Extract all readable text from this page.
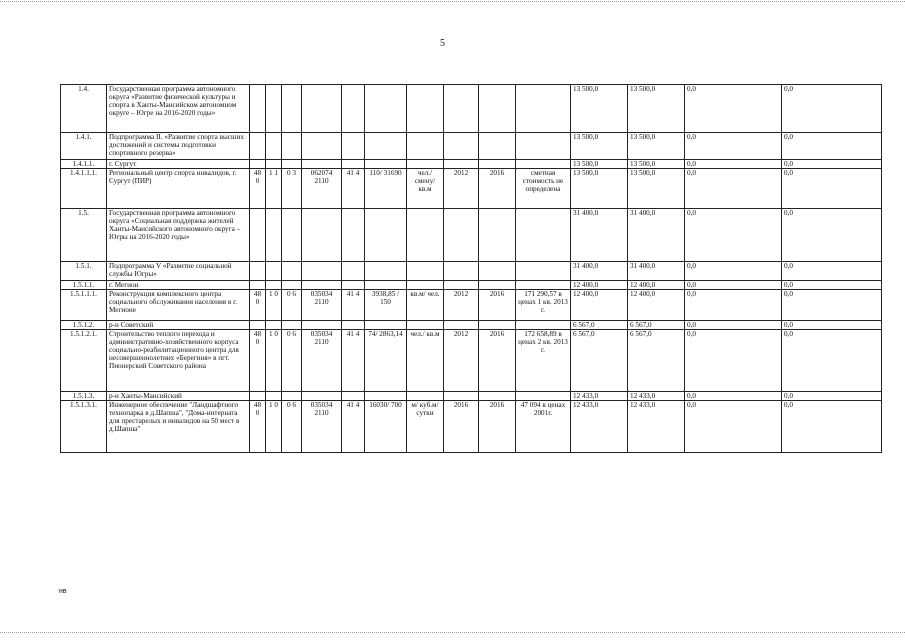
5
1.4.	Государственная программа автономного округа «Развитие физической культуры и спорта в Ханты-Мансийском автономном округе – Югре на 2016-2020 годы»											13 500,0	13 500,0	0,0	0,0
1.4.1.	Подпрограмма II. «Развитие спорта высших достижений и системы подготовки спортивного резерва»											13 500,0	13 500,0	0,0	0,0
1.4.1.1.	г. Сургут											13 500,0	13 500,0	0,0	0,0
1.4.1.1.1.	Региональный центр спорта инвалидов, г. Сургут (ПИР)	48 0	1 1	0 3	062074 2110	41 4	110/ 31690	чел./ смену/ кв.м	2012	2016	сметная стоимость не определена	13 500,0	13 500,0	0,0	0,0
1.5.	Государственная программа автономного округа «Социальная поддержка жителей Ханты-Мансийского автономного округа – Югры на 2016-2020 годы»											31 400,0	31 400,0	0,0	0,0
1.5.1.	Подпрограмма V «Развитие социальной службы Югры»											31 400,0	31 400,0	0,0	0,0
1.5.1.1.	г. Мегион											12 400,0	12 400,0	0,0	0,0
1.5.1.1.1.	Реконструкция комплексного центра социального обслуживания населения в г. Мегионе	48 0	1 0	0 6	035034 2110	41 4	3938,85 / 150	кв.м/ чел.	2012	2016	171 290,57 в ценах 1 кв. 2013 г.	12 400,0	12 400,0	0,0	0,0
1.5.1.2.	р-н Советский											6 567,0	6 567,0	0,0	0,0
1.5.1.2.1.	Строительство теплого перехода и административно-хозяйственного корпуса социально-реабилитационного центра для несовершеннолетних «Берегиня» в пгт. Пионерский Советского района	48 0	1 0	0 6	035034 2110	41 4	74/ 2863,14	чел./ кв.м	2012	2016	172 658,89 в ценах 2 кв. 2013 г.	6 567,0	6 567,0	0,0	0,0
1.5.1.3.	р-н Ханты-Мансийский											12 433,0	12 433,0	0,0	0,0
1.5.1.3.1.	Инженерное обеспечение "Ландшафтного технопарка в д.Шапша", "Дома-интерната для престарелых и инвалидов на 50 мест в д.Шапша"	48 0	1 0	0 6	035034 2110	41 4	16030/ 700	м/ куб.м/ сутки	2016	2016	47 094 в ценах 2001г.	12 433,0	12 433,0	0,0	0,0
нв
